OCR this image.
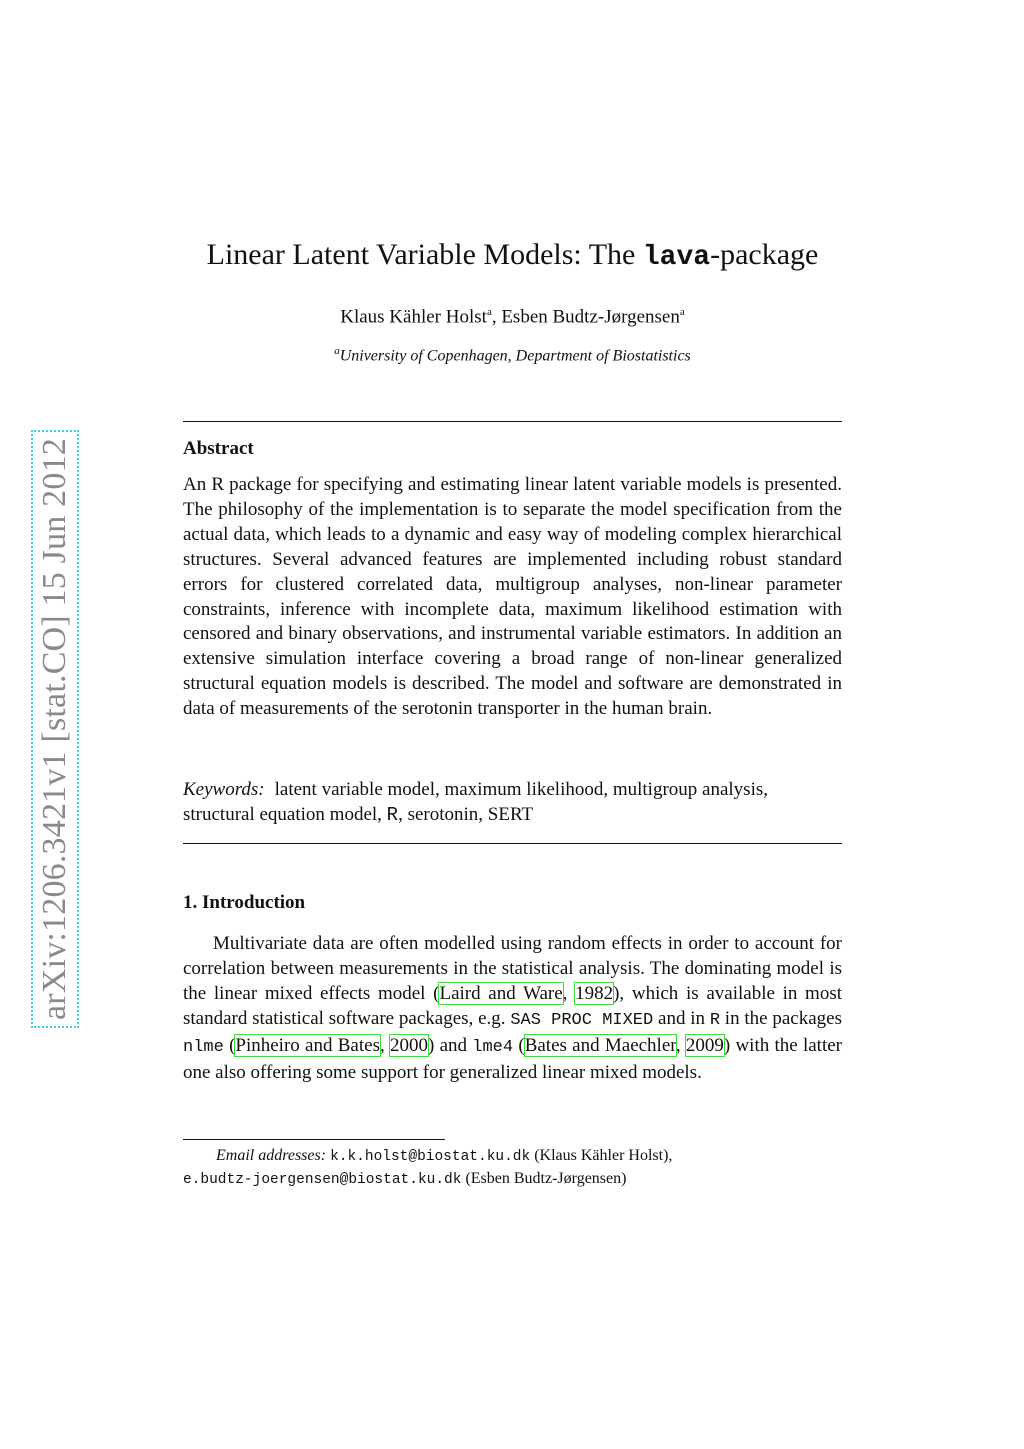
arXiv:1206.3421v1 [stat.CO] 15 Jun 2012
Linear Latent Variable Models: The lava-package
Klaus Kähler Holst$^a$, Esben Budtz-Jørgensen$^a$
$^a$University of Copenhagen, Department of Biostatistics
Abstract
An R package for specifying and estimating linear latent variable models is presented. The philosophy of the implementation is to separate the model specification from the actual data, which leads to a dynamic and easy way of modeling complex hierarchical structures. Several advanced features are implemented including robust standard errors for clustered correlated data, multigroup analyses, non-linear parameter constraints, inference with incomplete data, maximum likelihood estimation with censored and binary observations, and instrumental variable estimators. In addition an extensive simulation interface covering a broad range of non-linear generalized structural equation models is described. The model and software are demonstrated in data of measurements of the serotonin transporter in the human brain.
Keywords: latent variable model, maximum likelihood, multigroup analysis, structural equation model, R, serotonin, SERT
1. Introduction
Multivariate data are often modelled using random effects in order to account for correlation between measurements in the statistical analysis. The dominating model is the linear mixed effects model (Laird and Ware, 1982), which is available in most standard statistical software packages, e.g. SAS PROC MIXED and in R in the packages nlme (Pinheiro and Bates, 2000) and lme4 (Bates and Maechler, 2009) with the latter one also offering some support for generalized linear mixed models.
Email addresses: k.k.holst@biostat.ku.dk (Klaus Kähler Holst),
e.budtz-joergensen@biostat.ku.dk (Esben Budtz-Jørgensen)
